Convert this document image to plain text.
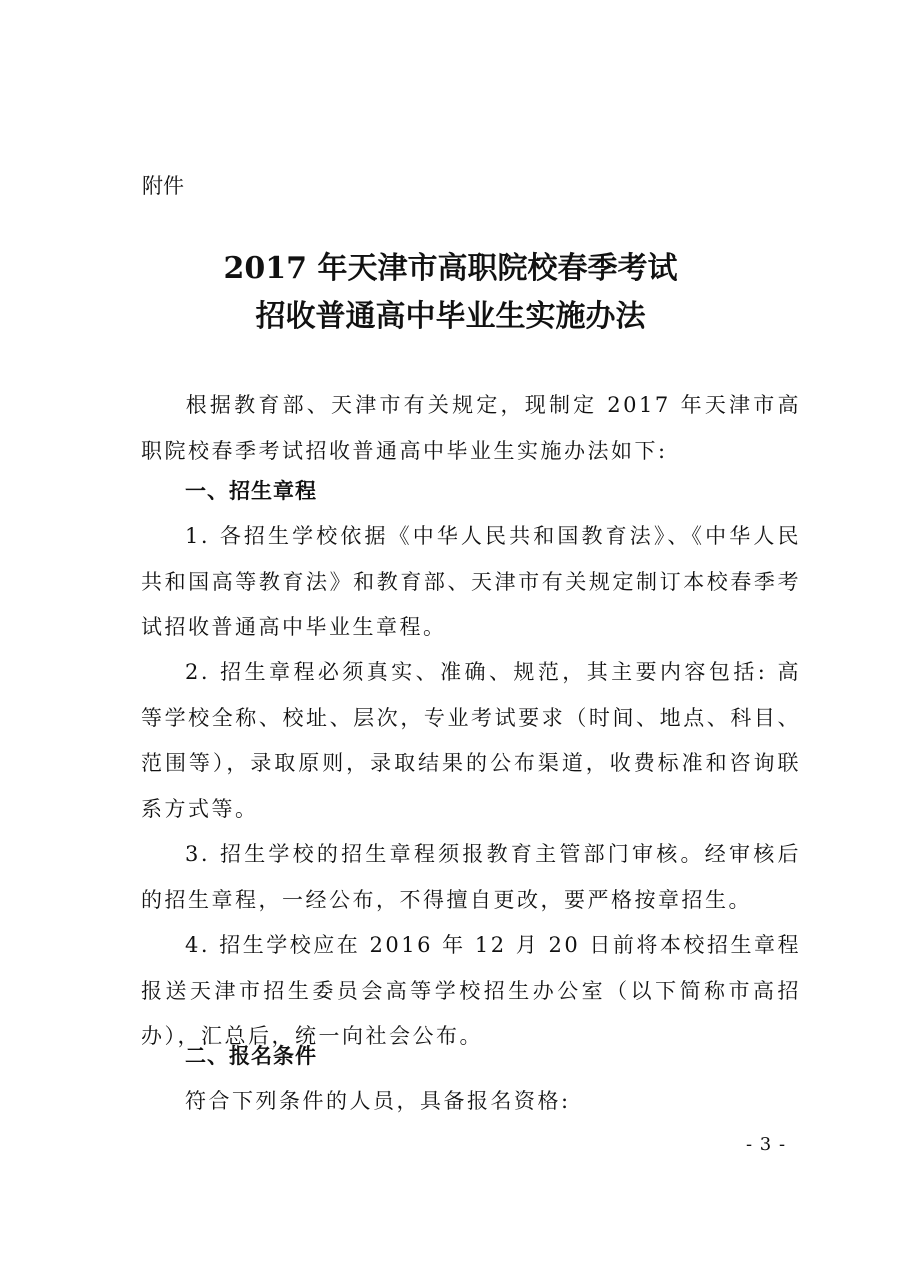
附件
2017 年天津市高职院校春季考试
招收普通高中毕业生实施办法
根据教育部、天津市有关规定，现制定 2017 年天津市高职院校春季考试招收普通高中毕业生实施办法如下:
一、招生章程
1. 各招生学校依据《中华人民共和国教育法》、《中华人民共和国高等教育法》和教育部、天津市有关规定制订本校春季考试招收普通高中毕业生章程。
2. 招生章程必须真实、准确、规范，其主要内容包括: 高等学校全称、校址、层次，专业考试要求（时间、地点、科目、范围等），录取原则，录取结果的公布渠道，收费标准和咨询联系方式等。
3. 招生学校的招生章程须报教育主管部门审核。经审核后的招生章程，一经公布，不得擅自更改，要严格按章招生。
4. 招生学校应在 2016 年 12 月 20 日前将本校招生章程报送天津市招生委员会高等学校招生办公室（以下简称市高招办），汇总后，统一向社会公布。
二、报名条件
符合下列条件的人员，具备报名资格:
- 3 -
